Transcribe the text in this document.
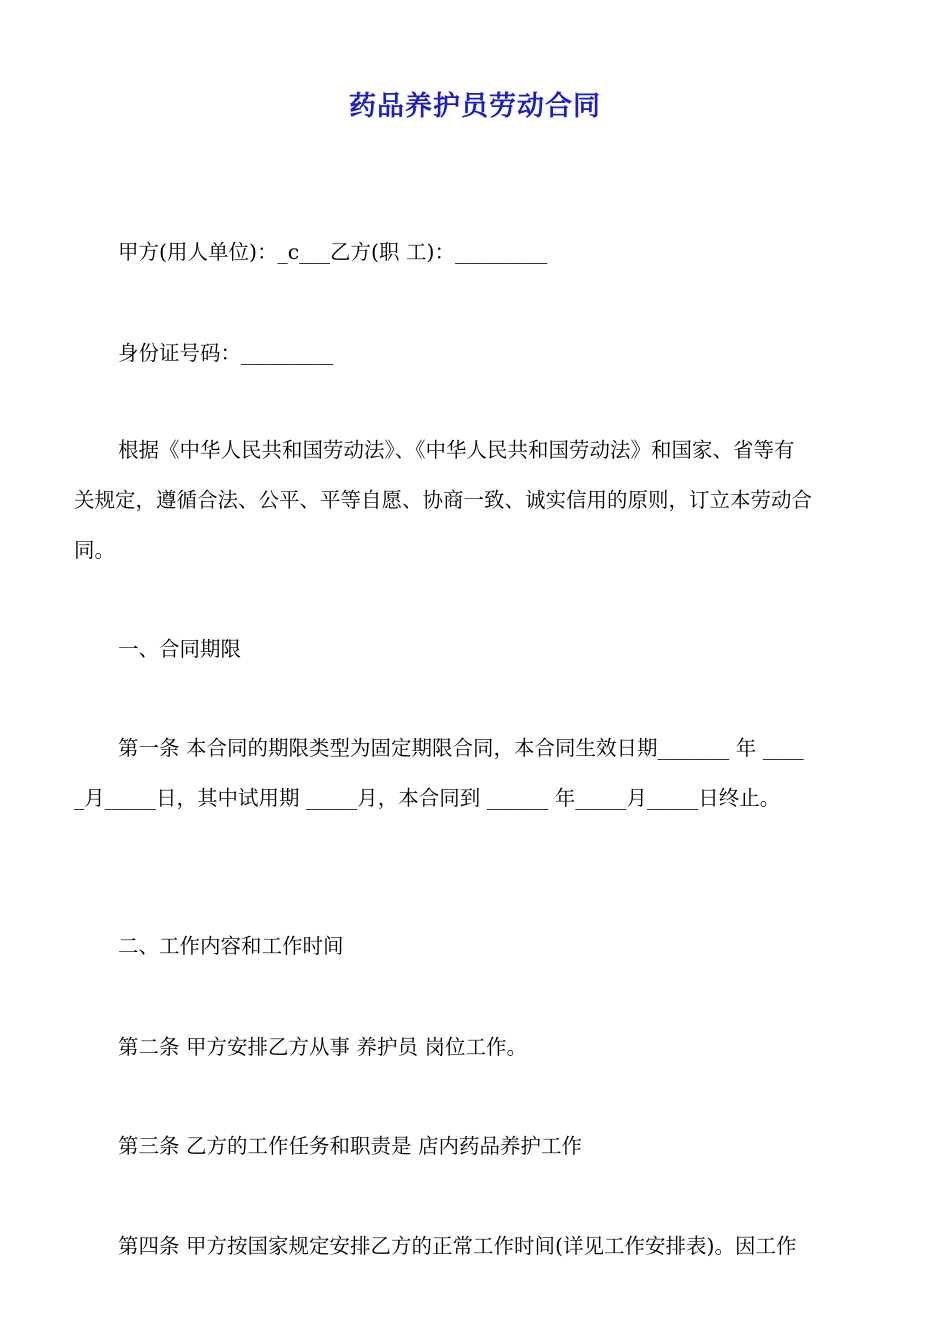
药品养护员劳动合同
甲方(用人单位)：_c___乙方(职 工)：_________
身份证号码：_________
根据《中华人民共和国劳动法》、《中华人民共和国劳动法》和国家、省等有
关规定，遵循合法、公平、平等自愿、协商一致、诚实信用的原则，订立本劳动合
同。
一、合同期限
第一条 本合同的期限类型为固定期限合同，本合同生效日期_______ 年 ____
_月_____日，其中试用期 _____月，本合同到 ______ 年_____月_____日终止。
二、工作内容和工作时间
第二条 甲方安排乙方从事 养护员 岗位工作。
第三条 乙方的工作任务和职责是 店内药品养护工作
第四条 甲方按国家规定安排乙方的正常工作时间(详见工作安排表)。因工作
